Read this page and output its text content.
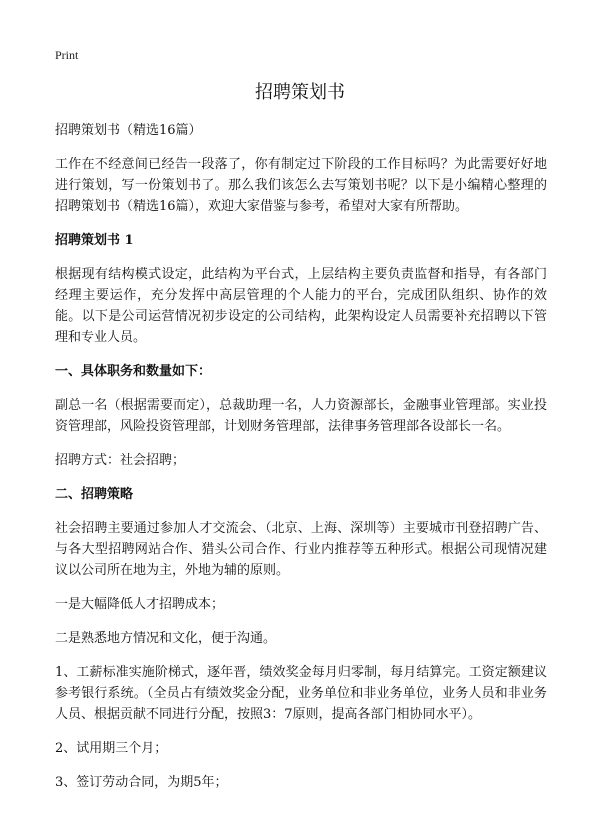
Print
招聘策划书

招聘策划书（精选16篇）

工作在不经意间已经告一段落了，你有制定过下阶段的工作目标吗？为此需要好好地进行策划，写一份策划书了。那么我们该怎么去写策划书呢？以下是小编精心整理的招聘策划书（精选16篇），欢迎大家借鉴与参考，希望对大家有所帮助。

招聘策划书 1

根据现有结构模式设定，此结构为平台式，上层结构主要负责监督和指导，有各部门经理主要运作，充分发挥中高层管理的个人能力的平台，完成团队组织、协作的效能。以下是公司运营情况初步设定的公司结构，此架构设定人员需要补充招聘以下管理和专业人员。

一、具体职务和数量如下：

副总一名（根据需要而定），总裁助理一名，人力资源部长，金融事业管理部。实业投资管理部，风险投资管理部，计划财务管理部，法律事务管理部各设部长一名。

招聘方式：社会招聘；

二、招聘策略

社会招聘主要通过参加人才交流会、（北京、上海、深圳等）主要城市刊登招聘广告、与各大型招聘网站合作、猎头公司合作、行业内推荐等五种形式。根据公司现情况建议以公司所在地为主，外地为辅的原则。

一是大幅降低人才招聘成本；

二是熟悉地方情况和文化，便于沟通。

1、工薪标准实施阶梯式，逐年晋，绩效奖金每月归零制，每月结算完。工资定额建议参考银行系统。（全员占有绩效奖金分配，业务单位和非业务单位，业务人员和非业务人员、根据贡献不同进行分配，按照3：7原则，提高各部门相协同水平）。

2、试用期三个月；

3、签订劳动合同，为期5年；
